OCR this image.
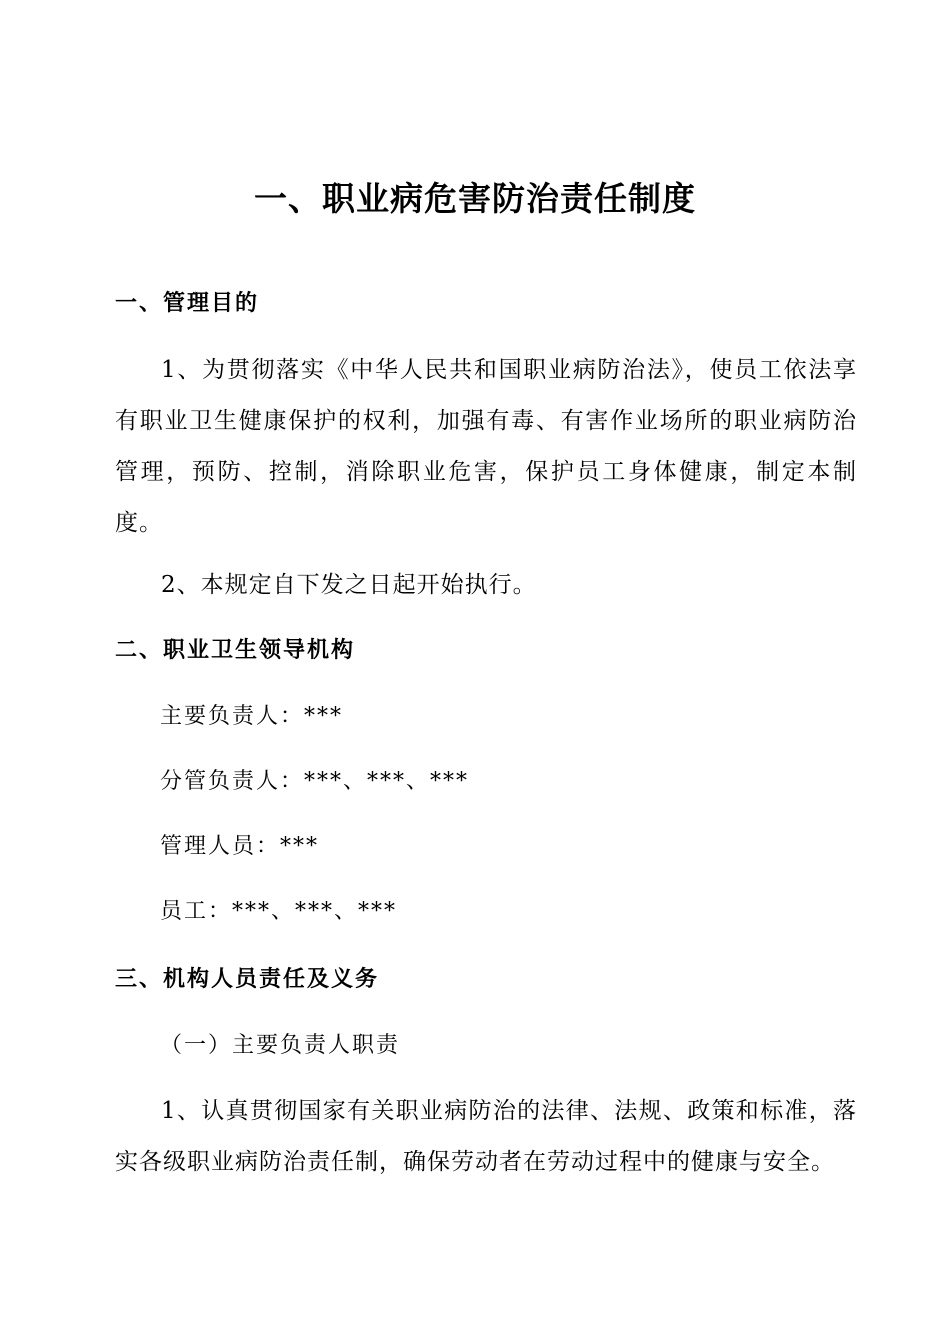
一、职业病危害防治责任制度
一、管理目的

1、为贯彻落实《中华人民共和国职业病防治法》，使员工依法享有职业卫生健康保护的权利，加强有毒、有害作业场所的职业病防治管理，预防、控制，消除职业危害，保护员工身体健康，制定本制度。

2、本规定自下发之日起开始执行。

二、职业卫生领导机构

主要负责人：***

分管负责人：***、***、***

管理人员：***

员工：***、***、***

三、机构人员责任及义务

（一）主要负责人职责

1、认真贯彻国家有关职业病防治的法律、法规、政策和标准，落实各级职业病防治责任制，确保劳动者在劳动过程中的健康与安全。
